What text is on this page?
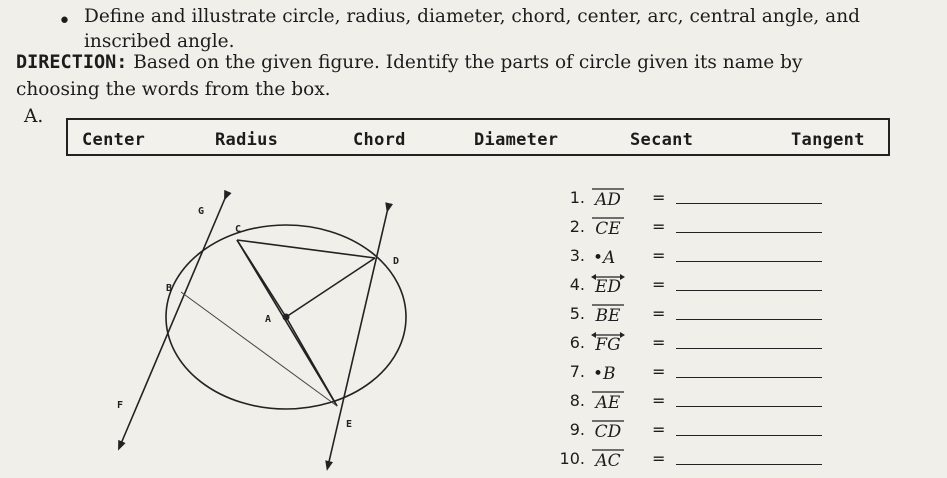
• Define and illustrate circle, radius, diameter, chord, center, arc, central angle, and
inscribed angle.
DIRECTION: Based on the given figure. Identify the parts of circle given its name by
choosing the words from the box.
A.
Center	Radius	Chord	Diameter	Secant	Tangent
G
C
D
B
A
F
E
1. AD	=
2. CE	=
3. •A	=
4. ED	=
5. BE	=
6. FG	=
7. •B	=
8. AE	=
9. CD =
10. AC	=
